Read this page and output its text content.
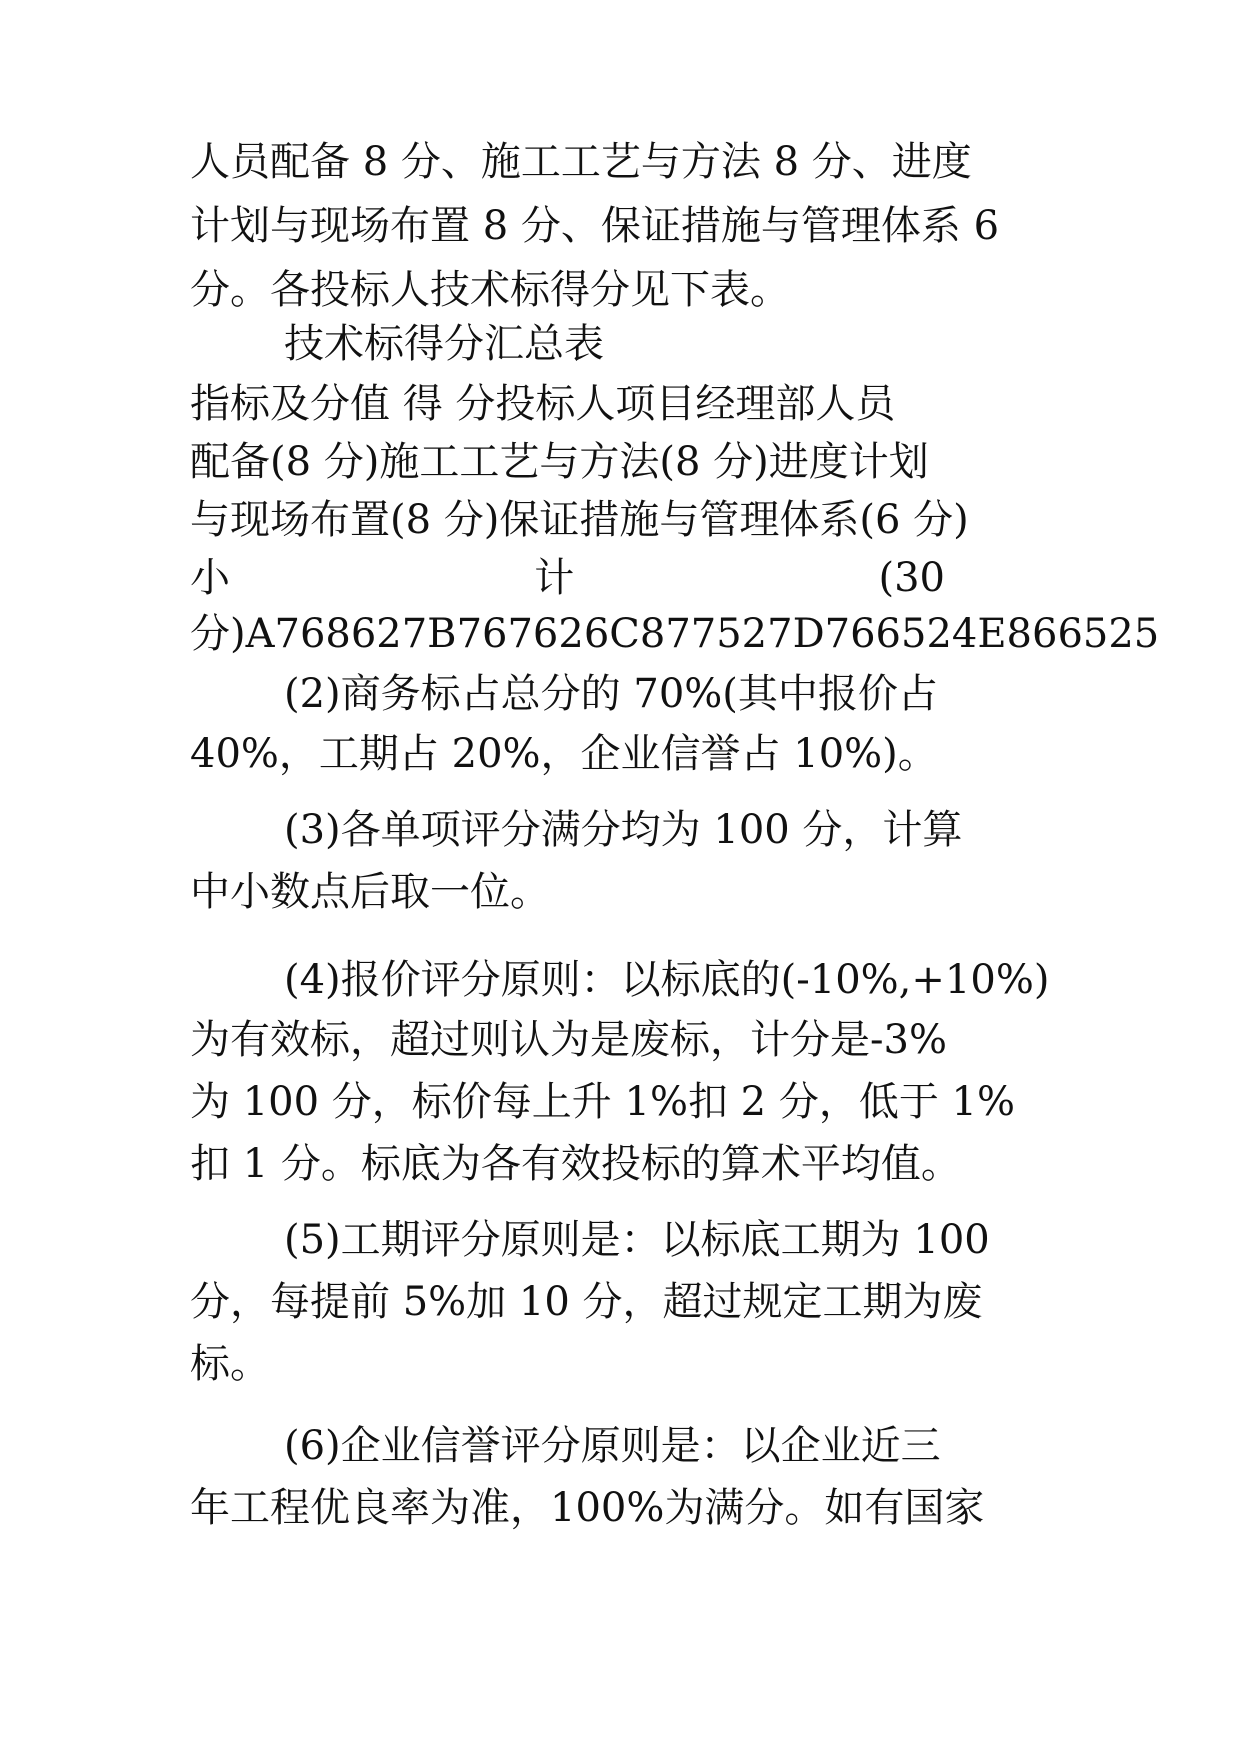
人员配备 8 分、施工工艺与方法 8 分、进度
计划与现场布置 8 分、保证措施与管理体系 6
分。各投标人技术标得分见下表。
技术标得分汇总表
指标及分值 得 分投标人项目经理部人员
配备(8 分)施工工艺与方法(8 分)进度计划
与现场布置(8 分)保证措施与管理体系(6 分)
小	计	(30
分)A768627B767626C877527D766524E866525
(2)商务标占总分的 70%(其中报价占
40%，工期占 20%，企业信誉占 10%)。
(3)各单项评分满分均为 100 分，计算
中小数点后取一位。
(4)报价评分原则：以标底的(-10%,+10%)
为有效标，超过则认为是废标，计分是-3%
为 100 分，标价每上升 1%扣 2 分，低于 1%
扣 1 分。标底为各有效投标的算术平均值。
(5)工期评分原则是：以标底工期为 100
分，每提前 5%加 10 分，超过规定工期为废
标。
(6)企业信誉评分原则是：以企业近三
年工程优良率为准，100%为满分。如有国家
